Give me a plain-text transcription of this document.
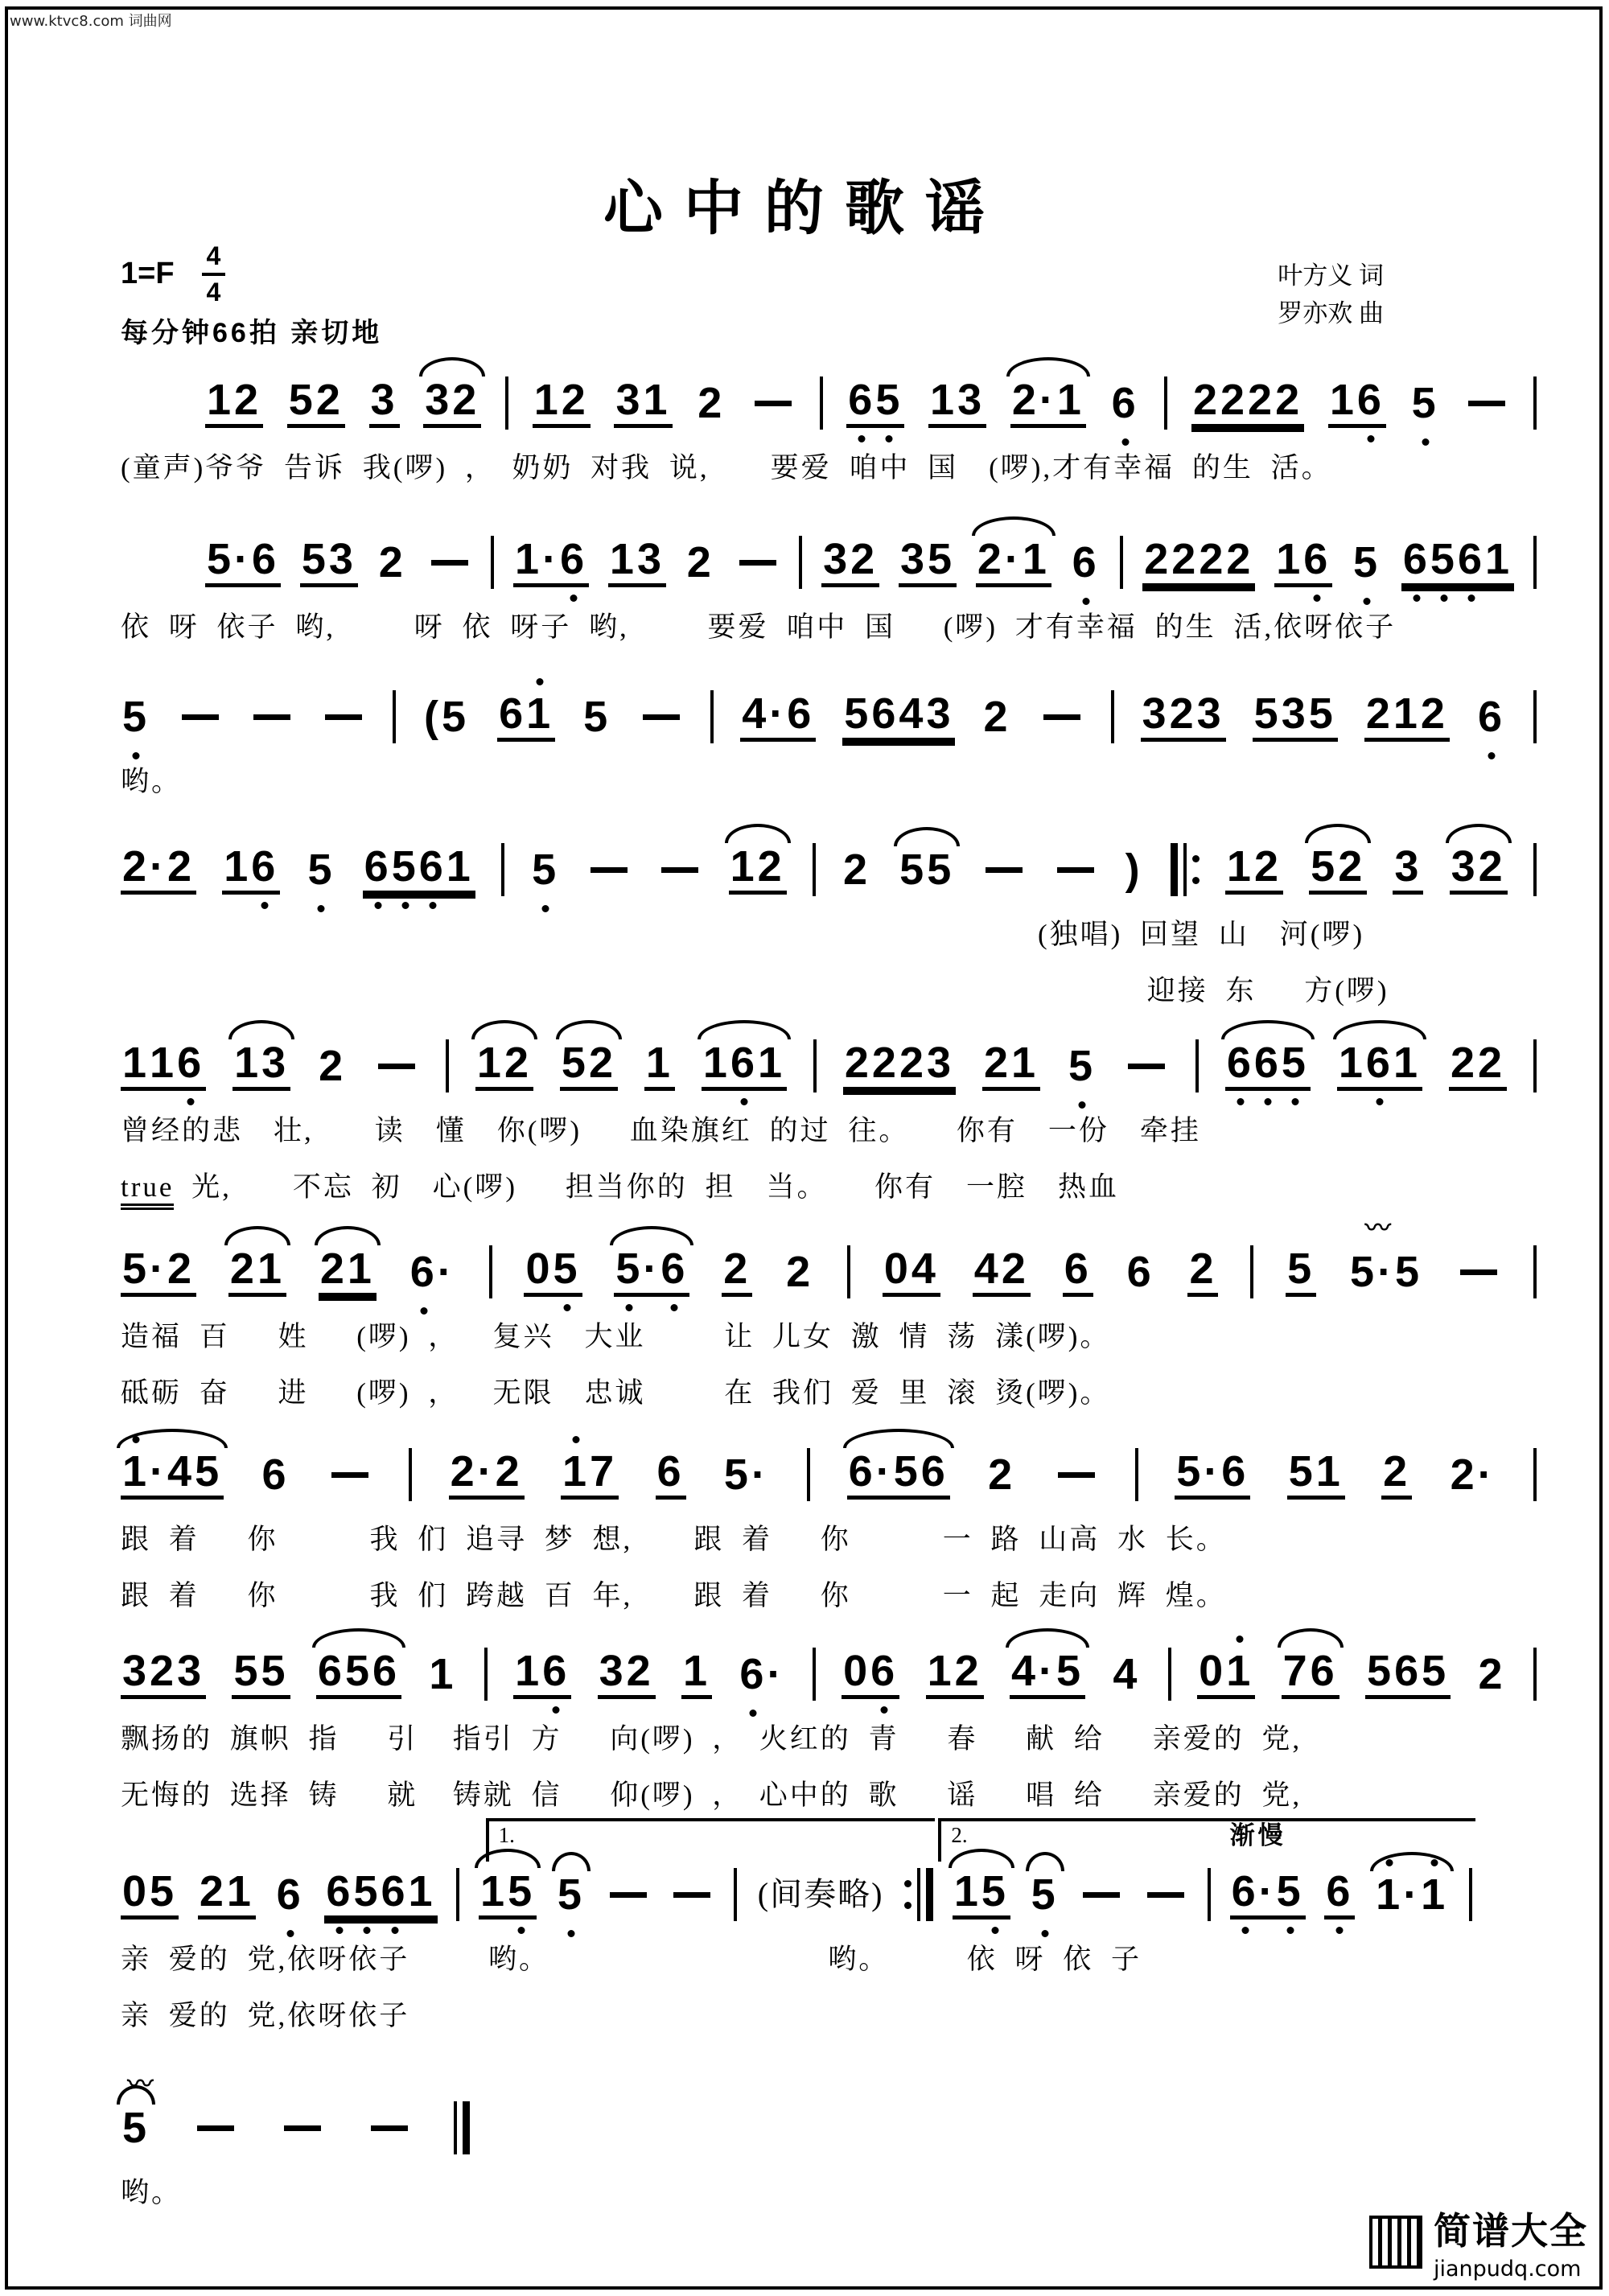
www.ktvc8.com 词曲网
心中的歌谣
$1=F \frac{4}{4}$
每分钟66拍 亲切地
叶方义 词
罗亦欢 曲
1 2 5 2 3 3 2 1 2 3 1 2	6 5 1 3 2 · 1 6 2 2 2 2 1 6 5
(童声)爷爷 告诉 我(啰) ，　奶奶 对我 说,　　要爱 咱中 国　(啰),才有幸福 的生 活。
5 · 6 5 3 2	1 · 6 1 3 2	3 2 3 5 2 · 1 6 2 2 2 2 1 6 5 6 5 6 1
依 呀 依子 哟,　　 呀 依 呀子 哟,　　 要爱 咱中 国　 (啰) 才有幸福 的生 活,依呀依子
5	( 5 6 1 5	4 · 6 5 6 4 3 2	3 2 3 5 3 5 2 1 2 6
哟。
2 · 2 1 6 5 6 5 6 1 5	1 2 2 5 5	) 1 2 5 2 3 3 2
(独唱) 回望 山　河(啰)
　　　 迎接 东　 方(啰)
1 1 6 1 3 2	1 2 5 2 1 1 6 1 2 2 2 3 2 1 5	6 6 5 1 6 1 2 2
曾经的悲　壮,　　读　懂　你(啰)　 血染旗红 的过 往。　　你有　一份　牵挂
true 光,　　不忘 初　心(啰)　 担当你的 担　当。　　你有　一腔　热血
5 · 2 2 1 2 1 6 · 0 5 5 · 6 2 2 0 4 4 2 6 6 2 5 5 · 5
〰
造福 百　 姓　 (啰) ，　 复兴　大业　　 让 儿女 激 情 荡 漾(啰)。
砥砺 奋　 进　 (啰) ，　 无限　忠诚　　 在 我们 爱 里 滚 烫(啰)。
1 · 4 5 6	2 · 2 1 7 6 5 · 6 · 5 6 2	5 · 6 5 1 2 2 ·
跟 着　 你　　　我 们 追寻 梦 想,　　跟 着　 你　　　一 路 山高 水 长。
跟 着　 你　　　我 们 跨越 百 年,　　跟 着　 你　　　一 起 走向 辉 煌。
3 2 3 5 5 6 5 6 1 1 6 3 2 1 6 · 0 6 1 2 4 · 5 4 0 1 7 6 5 6 5 2
飘扬的 旗帜 指　 引  指引 方　 向(啰) ，　火红的 青　 春　 献 给　 亲爱的 党,
无悔的 选择 铸　 就  铸就 信　 仰(啰) ，　心中的 歌　 谣　 唱 给　 亲爱的 党,
0 5 2 1 6 6 5 6 1 1 5 5	( 间 奏 略 ) 1 5 5	6 · 5
渐慢
6 1 · 1
1.	2.
亲 爱的 党,依呀依子　　 哟。　　　　　　　　　 哟。　　　依 呀 依 子
亲 爱的 党,依呀依子
5
〰
哟。
简谱大全
jianpudq.com
